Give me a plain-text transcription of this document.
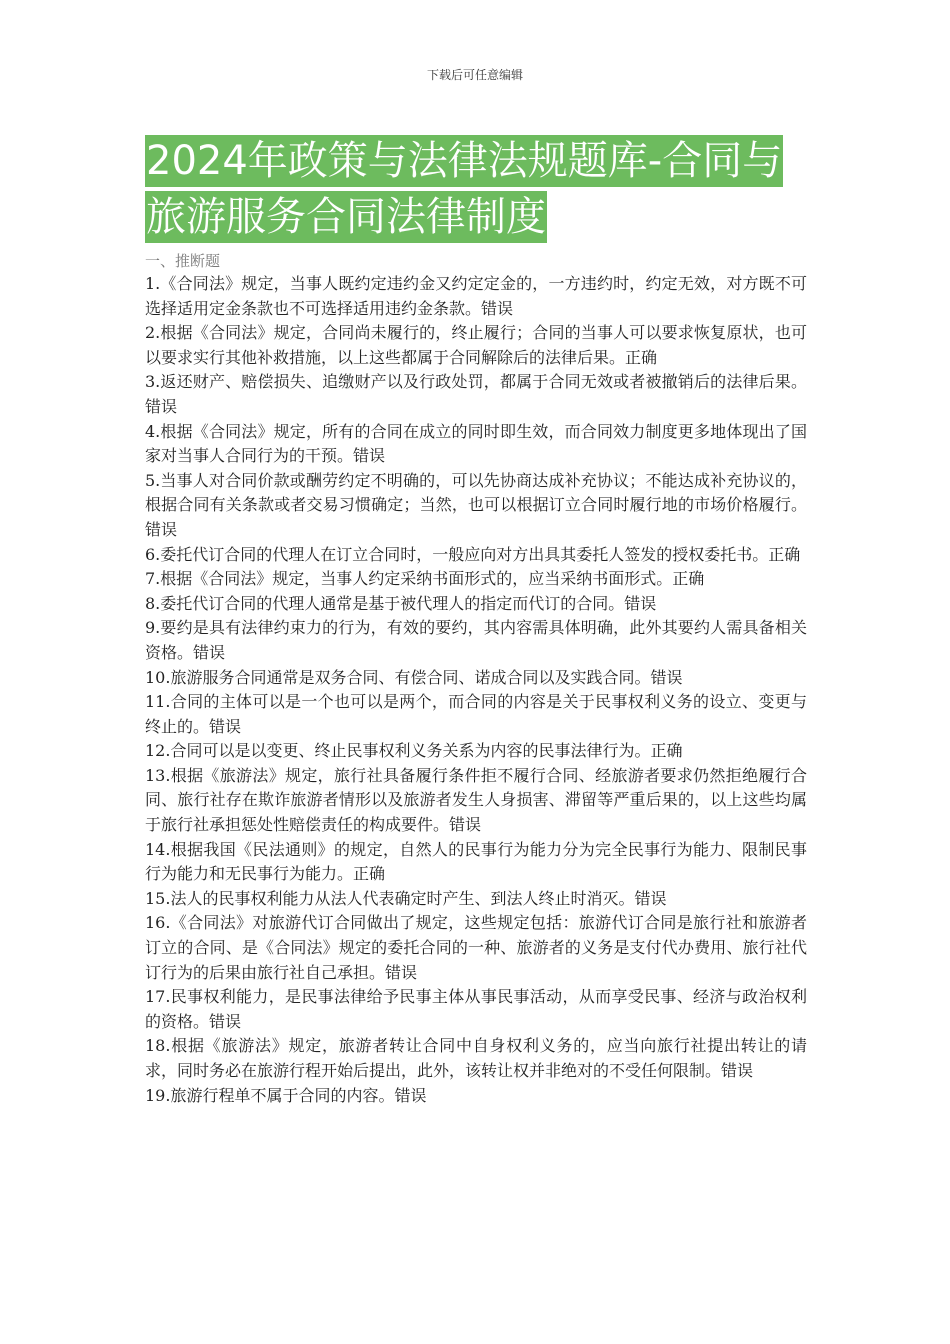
下载后可任意编辑
2024年政策与法律法规题库-合同与
旅游服务合同法律制度
一、推断题

1.《合同法》规定，当事人既约定违约金又约定定金的，一方违约时，约定无效，对方既不可选择适用定金条款也不可选择适用违约金条款。错误

2.根据《合同法》规定，合同尚未履行的，终止履行；合同的当事人可以要求恢复原状，也可以要求实行其他补救措施，以上这些都属于合同解除后的法律后果。正确

3.返还财产、赔偿损失、追缴财产以及行政处罚，都属于合同无效或者被撤销后的法律后果。错误

4.根据《合同法》规定，所有的合同在成立的同时即生效，而合同效力制度更多地体现出了国家对当事人合同行为的干预。错误

5.当事人对合同价款或酬劳约定不明确的，可以先协商达成补充协议；不能达成补充协议的，根据合同有关条款或者交易习惯确定；当然，也可以根据订立合同时履行地的市场价格履行。错误

6.委托代订合同的代理人在订立合同时，一般应向对方出具其委托人签发的授权委托书。正确

7.根据《合同法》规定，当事人约定采纳书面形式的，应当采纳书面形式。正确

8.委托代订合同的代理人通常是基于被代理人的指定而代订的合同。错误

9.要约是具有法律约束力的行为，有效的要约，其内容需具体明确，此外其要约人需具备相关资格。错误

10.旅游服务合同通常是双务合同、有偿合同、诺成合同以及实践合同。错误

11.合同的主体可以是一个也可以是两个，而合同的内容是关于民事权利义务的设立、变更与终止的。错误

12.合同可以是以变更、终止民事权利义务关系为内容的民事法律行为。正确

13.根据《旅游法》规定，旅行社具备履行条件拒不履行合同、经旅游者要求仍然拒绝履行合同、旅行社存在欺诈旅游者情形以及旅游者发生人身损害、滞留等严重后果的，以上这些均属于旅行社承担惩处性赔偿责任的构成要件。错误

14.根据我国《民法通则》的规定，自然人的民事行为能力分为完全民事行为能力、限制民事行为能力和无民事行为能力。正确

15.法人的民事权利能力从法人代表确定时产生、到法人终止时消灭。错误

16.《合同法》对旅游代订合同做出了规定，这些规定包括：旅游代订合同是旅行社和旅游者订立的合同、是《合同法》规定的委托合同的一种、旅游者的义务是支付代办费用、旅行社代订行为的后果由旅行社自己承担。错误

17.民事权利能力，是民事法律给予民事主体从事民事活动，从而享受民事、经济与政治权利的资格。错误

18.根据《旅游法》规定，旅游者转让合同中自身权利义务的，应当向旅行社提出转让的请求，同时务必在旅游行程开始后提出，此外，该转让权并非绝对的不受任何限制。错误

19.旅游行程单不属于合同的内容。错误
